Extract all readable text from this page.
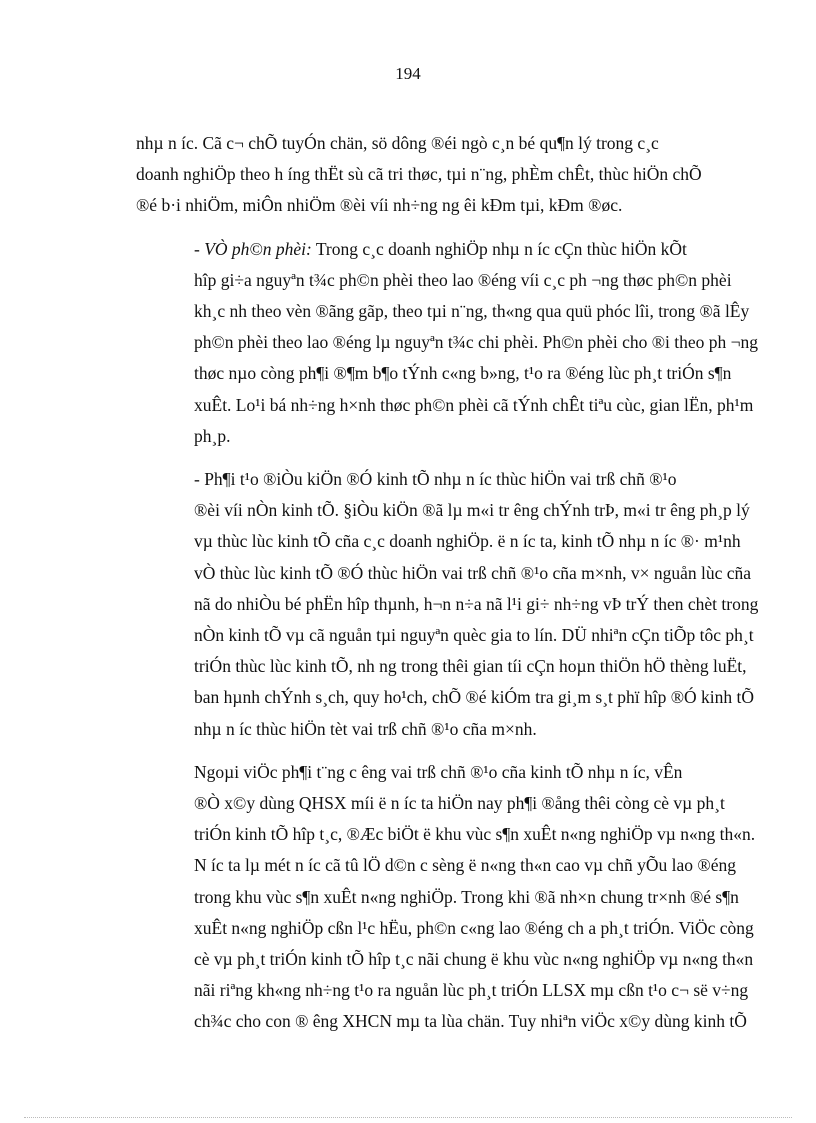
194

nhµ n íc. Cã c¬ chÕ tuyÓn chän, sö dông ®éi ngò c¸n bé qu¶n lý trong c¸c
doanh nghiÖp theo h íng thËt sù cã tri thøc, tµi n¨ng, phÈm chÊt, thùc hiÖn chÕ
®é b·i nhiÖm, miÔn nhiÖm ®èi víi nh÷ng ng êi kÐm tµi, kÐm ®øc.

- VÒ ph©n phèi: Trong c¸c doanh nghiÖp nhµ n íc cÇn thùc hiÖn kÕt
hîp gi÷a nguyªn t¾c ph©n phèi theo lao ®éng víi c¸c ph ¬ng thøc ph©n phèi
kh¸c nh theo vèn ®ãng gãp, theo tµi n¨ng, th«ng qua quü phóc lîi, trong ®ã lÊy
ph©n phèi theo lao ®éng lµ nguyªn t¾c chi phèi. Ph©n phèi cho ®i theo ph ¬ng
thøc nµo còng ph¶i ®¶m b¶o tÝnh c«ng b»ng, t¹o ra ®éng lùc ph¸t triÓn s¶n
xuÊt. Lo¹i bá nh÷ng h×nh thøc ph©n phèi cã tÝnh chÊt tiªu cùc, gian lËn, ph¹m
ph¸p.

- Ph¶i t¹o ®iÒu kiÖn ®Ó kinh tÕ nhµ n íc thùc hiÖn vai trß chñ ®¹o
®èi víi nÒn kinh tÕ. §iÒu kiÖn ®ã lµ m«i tr êng chÝnh trÞ, m«i tr êng ph¸p lý
vµ thùc lùc kinh tÕ cña c¸c doanh nghiÖp. ë n íc ta, kinh tÕ nhµ n íc ®· m¹nh
vÒ thùc lùc kinh tÕ ®Ó thùc hiÖn vai trß chñ ®¹o cña m×nh, v× nguån lùc cña
nã do nhiÒu bé phËn hîp thµnh, h¬n n÷a nã l¹i gi÷ nh÷ng vÞ trÝ then chèt trong
nÒn kinh tÕ vµ cã nguån tµi nguyªn quèc gia to lín. DÜ nhiªn cÇn tiÕp tôc ph¸t
triÓn thùc lùc kinh tÕ, nh ng trong thêi gian tíi cÇn hoµn thiÖn hÖ thèng luËt,
ban hµnh chÝnh s¸ch, quy ho¹ch, chÕ ®é kiÓm tra gi¸m s¸t phï hîp ®Ó kinh tÕ
nhµ n íc thùc hiÖn tèt vai trß chñ ®¹o cña m×nh.

Ngoµi viÖc ph¶i t¨ng c êng vai trß chñ ®¹o cña kinh tÕ nhµ n íc, vÊn
®Ò x©y dùng QHSX míi ë n íc ta hiÖn nay ph¶i ®ång thêi còng cè vµ ph¸t
triÓn kinh tÕ hîp t¸c, ®Æc biÖt ë khu vùc s¶n xuÊt n«ng nghiÖp vµ n«ng th«n.
N íc ta lµ mét n íc cã tû lÖ d©n c sèng ë n«ng th«n cao vµ chñ yÕu lao ®éng
trong khu vùc s¶n xuÊt n«ng nghiÖp. Trong khi ®ã nh×n chung tr×nh ®é s¶n
xuÊt n«ng nghiÖp cßn l¹c hËu, ph©n c«ng lao ®éng ch a ph¸t triÓn. ViÖc còng
cè vµ ph¸t triÓn kinh tÕ hîp t¸c nãi chung ë khu vùc n«ng nghiÖp vµ n«ng th«n
nãi riªng kh«ng nh÷ng t¹o ra nguån lùc ph¸t triÓn LLSX mµ cßn t¹o c¬ së v÷ng
ch¾c cho con ® êng XHCN mµ ta lùa chän. Tuy nhiªn viÖc x©y dùng kinh tÕ
